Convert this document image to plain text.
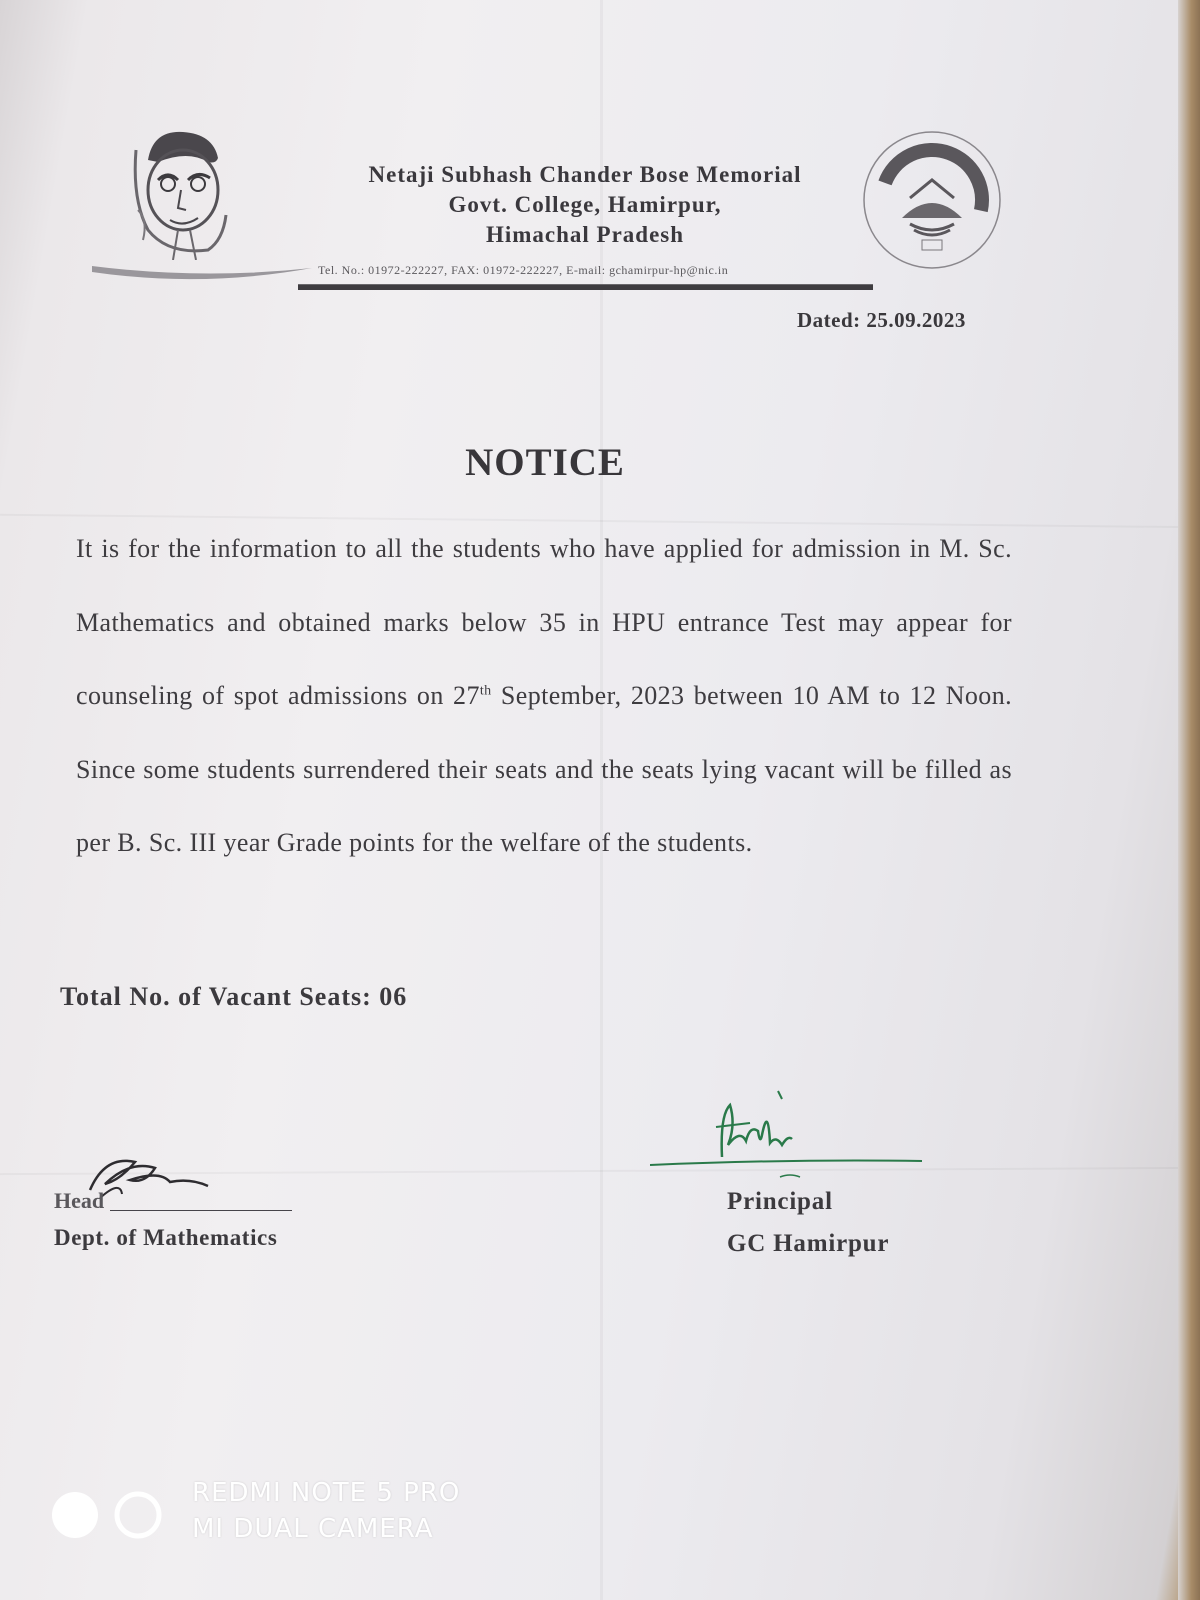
Netaji Subhash Chander Bose Memorial
Govt. College, Hamirpur,
Himachal Pradesh
Tel. No.: 01972-222227, FAX: 01972-222227, E-mail: gchamirpur-hp@nic.in
Dated: 25.09.2023
NOTICE
It is for the information to all the students who have applied for admission in M. Sc. Mathematics and obtained marks below 35 in HPU entrance Test may appear for counseling of spot admissions on 27th September, 2023 between 10 AM to 12 Noon. Since some students surrendered their seats and the seats lying vacant will be filled as per B. Sc. III year Grade points for the welfare of the students.
Total No. of Vacant Seats: 06
Head
Dept. of Mathematics
Principal
GC Hamirpur
REDMI NOTE 5 PRO
MI DUAL CAMERA
